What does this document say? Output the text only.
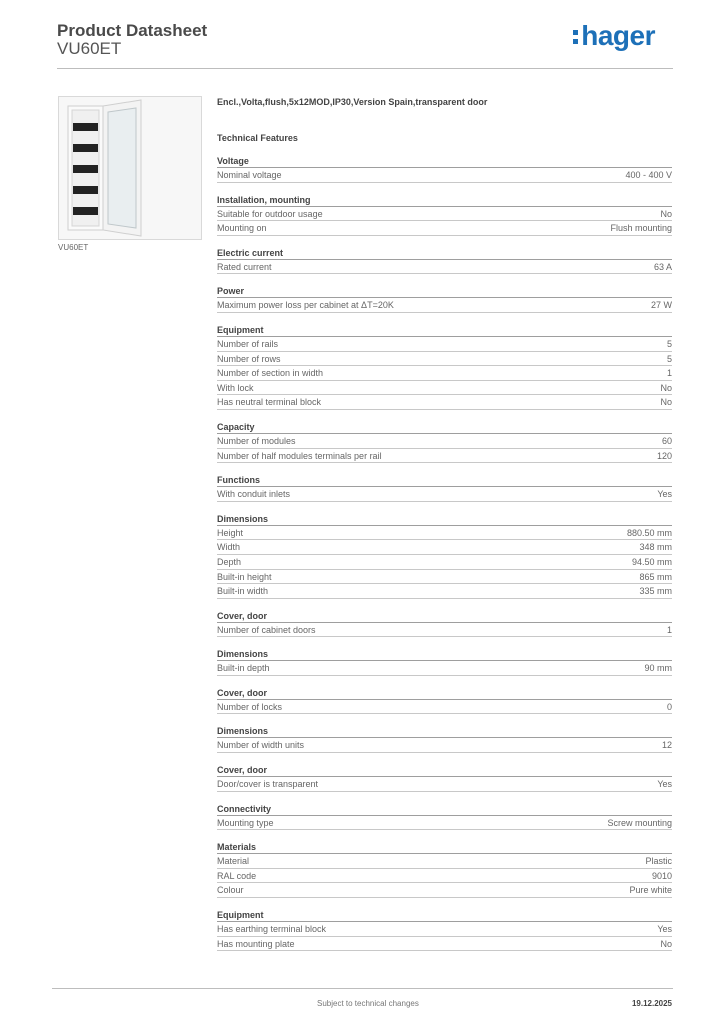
Product Datasheet
VU60ET	hager
VU60ET
Encl.,Volta,flush,5x12MOD,IP30,Version Spain,transparent door
Technical Features
Voltage
Nominal voltage	400 - 400 V
Installation, mounting
Suitable for outdoor usage	No
Mounting on	Flush mounting
Electric current
Rated current	63 A
Power
Maximum power loss per cabinet at ΔT=20K	27 W
Equipment
Number of rails	5
Number of rows	5
Number of section in width	1
With lock	No
Has neutral terminal block	No
Capacity
Number of modules	60
Number of half modules terminals per rail	120
Functions
With conduit inlets	Yes
Dimensions
Height	880.50 mm
Width	348 mm
Depth	94.50 mm
Built-in height	865 mm
Built-in width	335 mm
Cover, door
Number of cabinet doors	1
Dimensions
Built-in depth	90 mm
Cover, door
Number of locks	0
Dimensions
Number of width units	12
Cover, door
Door/cover is transparent	Yes
Connectivity
Mounting type	Screw mounting
Materials
Material	Plastic
RAL code	9010
Colour	Pure white
Equipment
Has earthing terminal block	Yes
Has mounting plate	No
Subject to technical changes	19.12.2025
